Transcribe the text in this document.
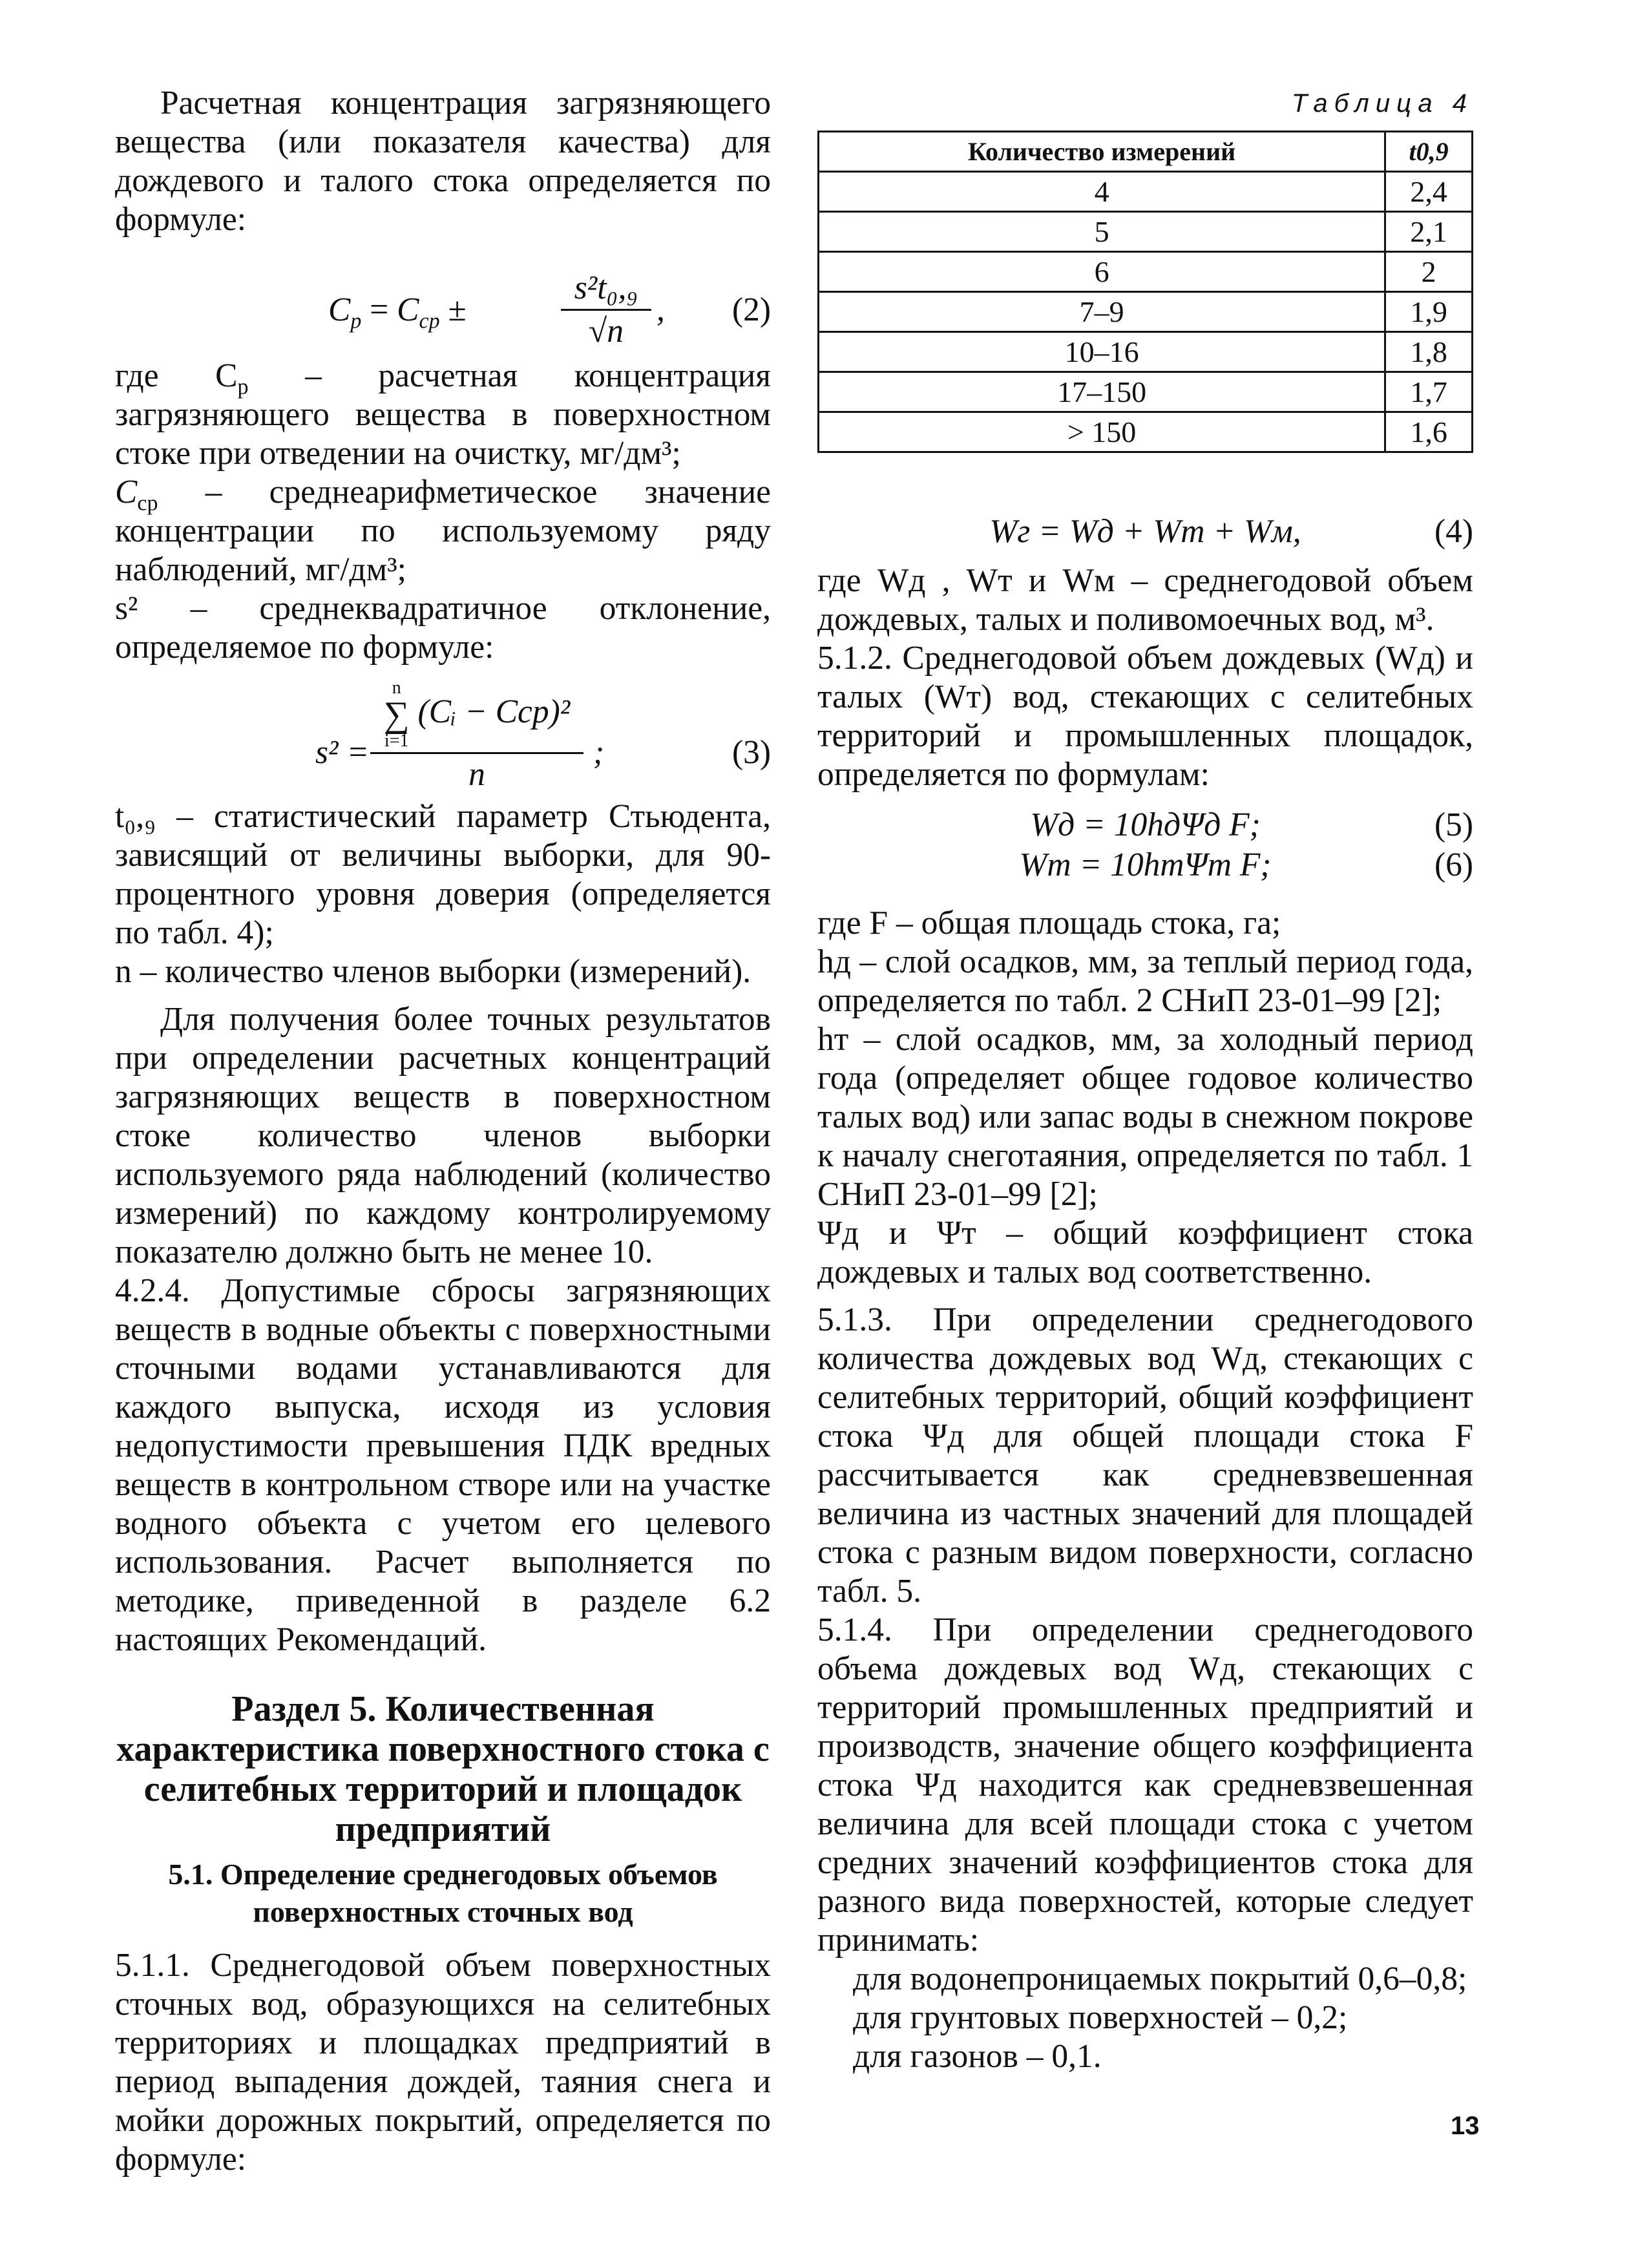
Расчетная концентрация загрязняющего вещества (или показателя качества) для дождевого и талого стока определяется по формуле:

$C_р = C_{ср}$ ±
s²t₀,₉
√n
, (2)

где $C_р$ – расчетная концентрация загрязняющего вещества в поверхностном стоке при отведении на очистку, мг/дм³;

$C_{ср}$ – среднеарифметическое значение концентрации по используемому ряду наблюдений, мг/дм³;

s² – среднеквадратичное отклонение, определяемое по формуле:

s² =
n
∑
i=1
(Cᵢ − Cср)²
n
;	(3)

t₀,₉ – статистический параметр Стьюдента, зависящий от величины выборки, для 90-процентного уровня доверия (определяется по табл. 4);

n – количество членов выборки (измерений).

Для получения более точных результатов при определении расчетных концентраций загрязняющих веществ в поверхностном стоке количество членов выборки используемого ряда наблюдений (количество измерений) по каждому контролируемому показателю должно быть не менее 10.

4.2.4. Допустимые сбросы загрязняющих веществ в водные объекты с поверхностными сточными водами устанавливаются для каждого выпуска, исходя из условия недопустимости превышения ПДК вредных веществ в контрольном створе или на участке водного объекта с учетом его целевого использования. Расчет выполняется по методике, приведенной в разделе 6.2 настоящих Рекомендаций.

Раздел 5. Количественная характеристика поверхностного стока с селитебных территорий и площадок предприятий
5.1. Определение среднегодовых объемов поверхностных сточных вод

5.1.1. Среднегодовой объем поверхностных сточных вод, образующихся на селитебных территориях и площадках предприятий в период выпадения дождей, таяния снега и мойки дорожных покрытий, определяется по формуле:

Таблица 4
Количество измерений	t0,9
4	2,4
5	2,1
6	2
7–9	1,9
10–16	1,8
17–150	1,7
> 150	1,6
Wг = Wд + Wт + Wм,	(4)

где Wд , Wт и Wм – среднегодовой объем дождевых, талых и поливомоечных вод, м³.

5.1.2. Среднегодовой объем дождевых (Wд) и талых (Wт) вод, стекающих с селитебных территорий и промышленных площадок, определяется по формулам:

Wд = 10hдΨд F;	(5)
Wт = 10hтΨт F;	(6)

где F – общая площадь стока, га;

hд – слой осадков, мм, за теплый период года, определяется по табл. 2 СНиП 23-01–99 [2];

hт – слой осадков, мм, за холодный период года (определяет общее годовое количество талых вод) или запас воды в снежном покрове к началу снеготаяния, определяется по табл. 1 СНиП 23-01–99 [2];

Ψд и Ψт – общий коэффициент стока дождевых и талых вод соответственно.

5.1.3. При определении среднегодового количества дождевых вод Wд, стекающих с селитебных территорий, общий коэффициент стока Ψд для общей площади стока F рассчитывается как средневзвешенная величина из частных значений для площадей стока с разным видом поверхности, согласно табл. 5.

5.1.4. При определении среднегодового объема дождевых вод Wд, стекающих с территорий промышленных предприятий и производств, значение общего коэффициента стока Ψд находится как средневзвешенная величина для всей площади стока с учетом средних значений коэффициентов стока для разного вида поверхностей, которые следует принимать:

для водонепроницаемых покрытий 0,6–0,8;

для грунтовых поверхностей – 0,2;

для газонов – 0,1.

13
